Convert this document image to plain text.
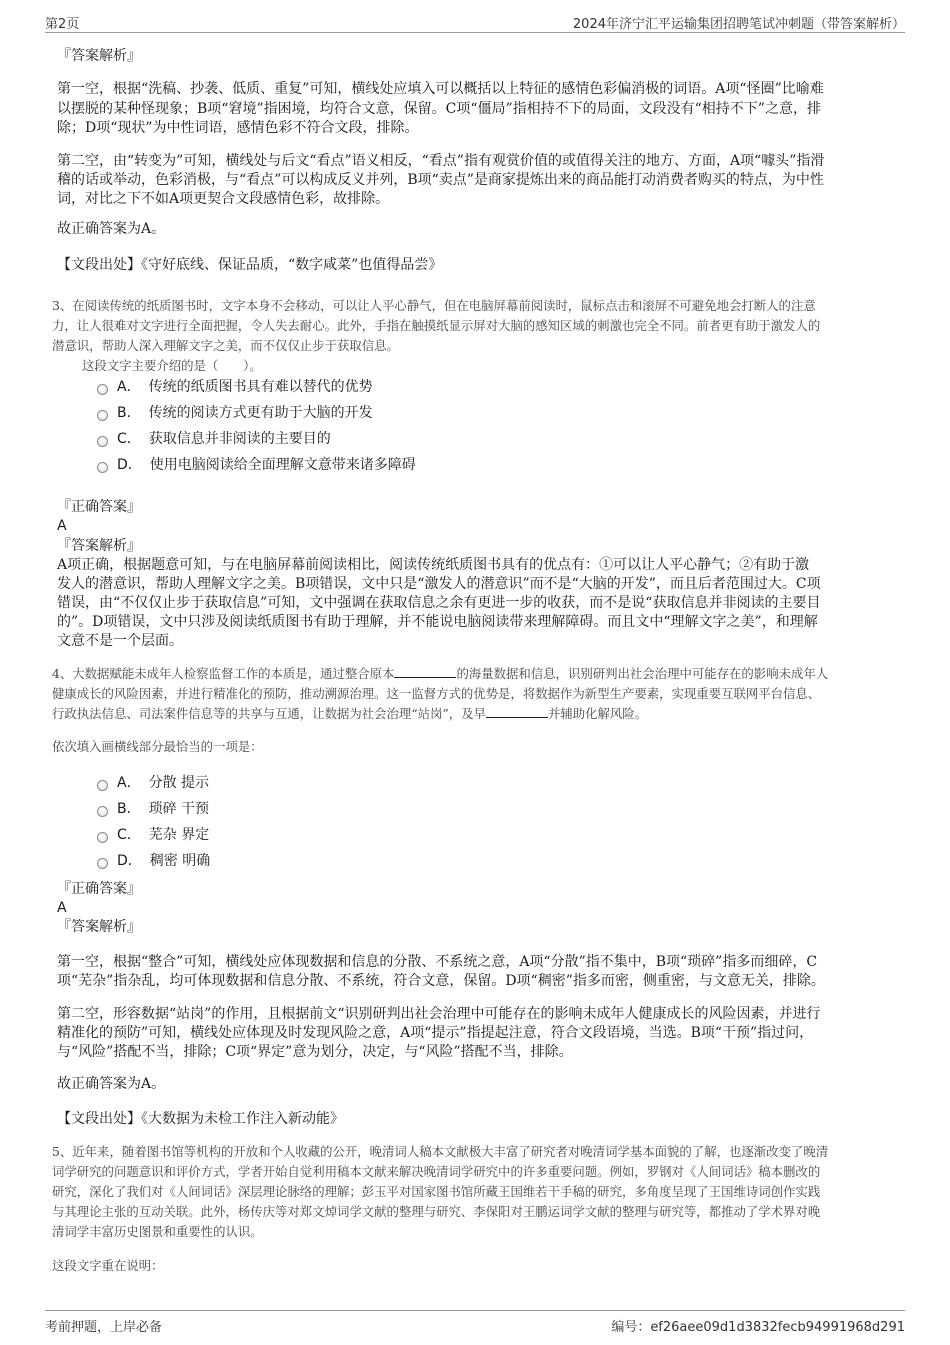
第2页	2024年济宁汇平运输集团招聘笔试冲刺题（带答案解析）

『答案解析』

第一空，根据“洗稿、抄袭、低质、重复”可知，横线处应填入可以概括以上特征的感情色彩偏消极的词语。A项“怪圈”比喻难

以摆脱的某种怪现象；B项“窘境”指困境，均符合文意，保留。C项“僵局”指相持不下的局面，文段没有“相持不下”之意，排

除；D项“现状”为中性词语，感情色彩不符合文段，排除。

第二空，由“转变为”可知，横线处与后文“看点”语义相反，“看点”指有观赏价值的或值得关注的地方、方面，A项“噱头”指滑

稽的话或举动，色彩消极，与“看点”可以构成反义并列，B项“卖点”是商家提炼出来的商品能打动消费者购买的特点，为中性

词，对比之下不如A项更契合文段感情色彩，故排除。

故正确答案为A。

【文段出处】《守好底线、保证品质，“数字咸菜”也值得品尝》

3、在阅读传统的纸质图书时，文字本身不会移动，可以让人平心静气，但在电脑屏幕前阅读时，鼠标点击和滚屏不可避免地会打断人的注意

力，让人很难对文字进行全面把握，令人失去耐心。此外，手指在触摸纸显示屏对大脑的感知区域的刺激也完全不同。前者更有助于激发人的

潜意识，帮助人深入理解文字之美，而不仅仅止步于获取信息。

这段文字主要介绍的是（　　）。

A． 传统的纸质图书具有难以替代的优势
B． 传统的阅读方式更有助于大脑的开发
C． 获取信息并非阅读的主要目的
D． 使用电脑阅读给全面理解文意带来诸多障碍

『正确答案』

A

『答案解析』

A项正确，根据题意可知，与在电脑屏幕前阅读相比，阅读传统纸质图书具有的优点有：①可以让人平心静气；②有助于激

发人的潜意识，帮助人理解文字之美。B项错误，文中只是“激发人的潜意识”而不是“大脑的开发”，而且后者范围过大。C项

错误，由“不仅仅止步于获取信息”可知，文中强调在获取信息之余有更进一步的收获，而不是说“获取信息并非阅读的主要目

的”。D项错误，文中只涉及阅读纸质图书有助于理解，并不能说电脑阅读带来理解障碍。而且文中“理解文字之美”，和理解

文意不是一个层面。

4、大数据赋能未成年人检察监督工作的本质是，通过整合原本	的海量数据和信息，识别研判出社会治理中可能存在的影响未成年人

健康成长的风险因素，并进行精准化的预防，推动溯源治理。这一监督方式的优势是，将数据作为新型生产要素，实现重要互联网平台信息、

行政执法信息、司法案件信息等的共享与互通，让数据为社会治理“站岗”，及早	并辅助化解风险。

依次填入画横线部分最恰当的一项是：

A． 分散 提示
B． 琐碎 干预
C． 芜杂 界定
D． 稠密 明确

『正确答案』

A

『答案解析』

第一空，根据“整合”可知，横线处应体现数据和信息的分散、不系统之意，A项“分散”指不集中，B项“琐碎”指多而细碎，C

项“芜杂”指杂乱，均可体现数据和信息分散、不系统，符合文意，保留。D项“稠密”指多而密，侧重密，与文意无关，排除。

第二空，形容数据“站岗”的作用，且根据前文“识别研判出社会治理中可能存在的影响未成年人健康成长的风险因素，并进行

精准化的预防”可知，横线处应体现及时发现风险之意，A项“提示”指提起注意，符合文段语境，当选。B项“干预”指过问，

与“风险”搭配不当，排除；C项“界定”意为划分，决定，与“风险”搭配不当，排除。

故正确答案为A。

【文段出处】《大数据为未检工作注入新动能》

5、近年来，随着图书馆等机构的开放和个人收藏的公开，晚清词人稿本文献极大丰富了研究者对晚清词学基本面貌的了解，也逐渐改变了晚清

词学研究的问题意识和评价方式，学者开始自觉利用稿本文献来解决晚清词学研究中的许多重要问题。例如，罗钢对《人间词话》稿本删改的

研究，深化了我们对《人间词话》深层理论脉络的理解；彭玉平对国家图书馆所藏王国维若干手稿的研究，多角度呈现了王国维诗词创作实践

与其理论主张的互动关联。此外，杨传庆等对郑文焯词学文献的整理与研究、李保阳对王鹏运词学文献的整理与研究等，都推动了学术界对晚

清词学丰富历史图景和重要性的认识。

这段文字重在说明：

考前押题，上岸必备	编号：ef26aee09d1d3832fecb94991968d291
